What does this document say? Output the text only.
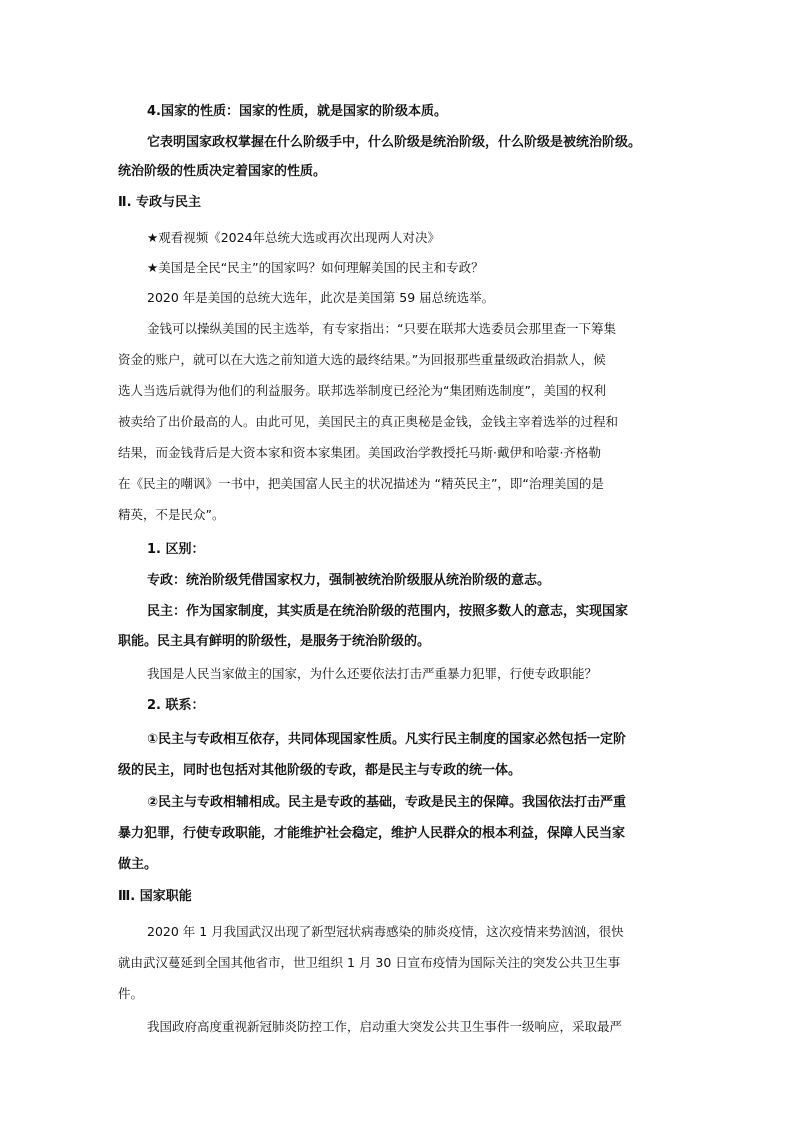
4.国家的性质：国家的性质，就是国家的阶级本质。
它表明国家政权掌握在什么阶级手中，什么阶级是统治阶级，什么阶级是被统治阶级。
统治阶级的性质决定着国家的性质。
Ⅱ. 专政与民主
★观看视频《2024年总统大选或再次出现两人对决》
★美国是全民“民主”的国家吗？如何理解美国的民主和专政？
2020 年是美国的总统大选年，此次是美国第 59 届总统选举。
金钱可以操纵美国的民主选举，有专家指出：“只要在联邦大选委员会那里查一下筹集
资金的账户，就可以在大选之前知道大选的最终结果。”为回报那些重量级政治捐款人，候
选人当选后就得为他们的利益服务。联邦选举制度已经沦为“集团贿选制度”，美国的权利
被卖给了出价最高的人。由此可见，美国民主的真正奥秘是金钱，金钱主宰着选举的过程和
结果，而金钱背后是大资本家和资本家集团。美国政治学教授托马斯·戴伊和哈蒙·齐格勒
在《民主的嘲讽》一书中，把美国富人民主的状况描述为 “精英民主”，即“治理美国的是
精英，不是民众”。
1. 区别：
专政：统治阶级凭借国家权力，强制被统治阶级服从统治阶级的意志。
民主：作为国家制度，其实质是在统治阶级的范围内，按照多数人的意志，实现国家
职能。民主具有鲜明的阶级性，是服务于统治阶级的。
我国是人民当家做主的国家，为什么还要依法打击严重暴力犯罪，行使专政职能？
2. 联系：
①民主与专政相互依存，共同体现国家性质。凡实行民主制度的国家必然包括一定阶
级的民主，同时也包括对其他阶级的专政，都是民主与专政的统一体。
②民主与专政相辅相成。民主是专政的基础，专政是民主的保障。我国依法打击严重
暴力犯罪，行使专政职能，才能维护社会稳定，维护人民群众的根本利益，保障人民当家
做主。
Ⅲ. 国家职能
2020 年 1 月我国武汉出现了新型冠状病毒感染的肺炎疫情，这次疫情来势汹汹，很快
就由武汉蔓延到全国其他省市，世卫组织 1 月 30 日宣布疫情为国际关注的突发公共卫生事
件。
我国政府高度重视新冠肺炎防控工作，启动重大突发公共卫生事件一级响应，采取最严
